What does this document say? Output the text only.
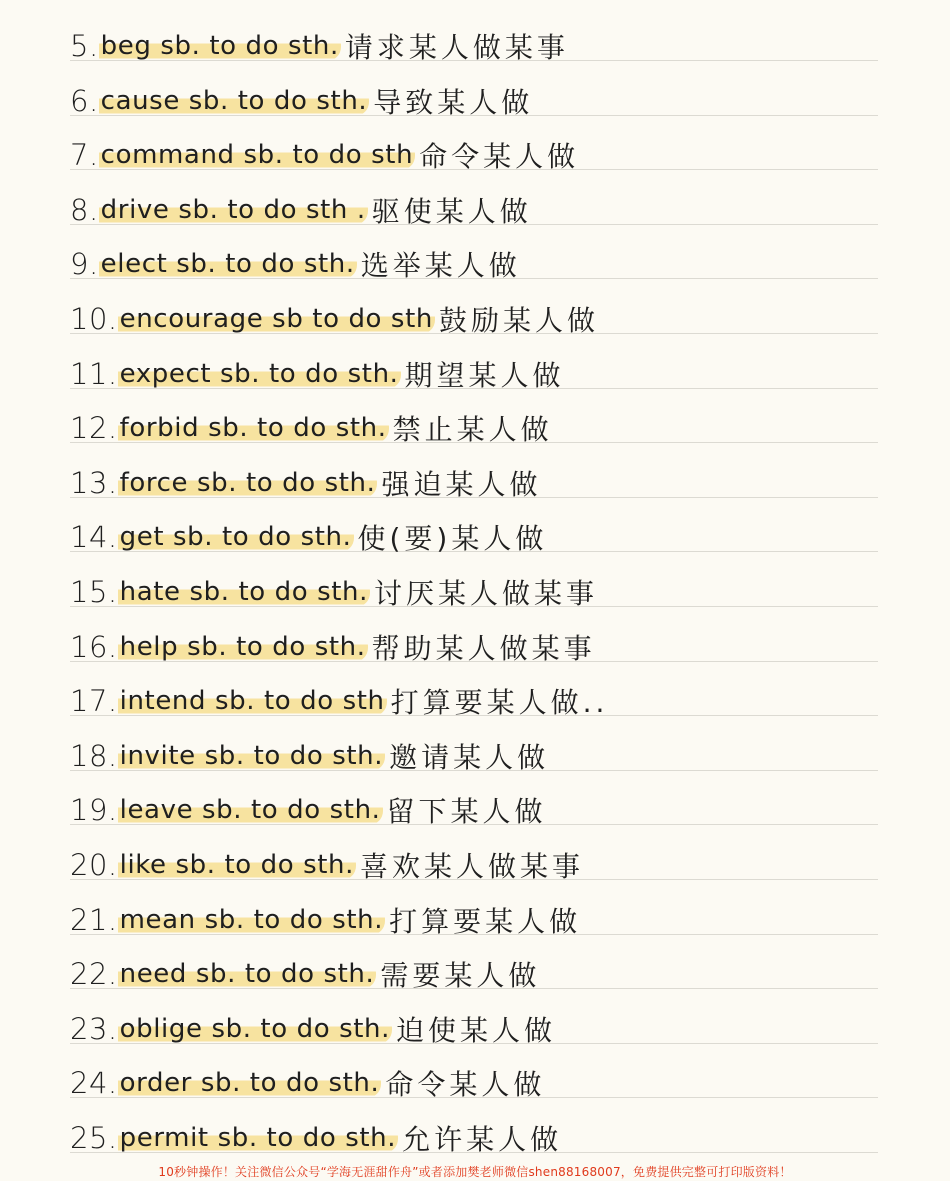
5. beg sb. to do sth. 请求某人做某事
6. cause sb. to do sth. 导致某人做
7. command sb. to do sth 命令某人做
8. drive sb. to do sth . 驱使某人做
9. elect sb. to do sth. 选举某人做
10. encourage sb to do sth 鼓励某人做
11. expect sb. to do sth. 期望某人做
12. forbid sb. to do sth. 禁止某人做
13. force sb. to do sth. 强迫某人做
14. get sb. to do sth. 使(要)某人做
15. hate sb. to do sth. 讨厌某人做某事
16. help sb. to do sth. 帮助某人做某事
17. intend sb. to do sth 打算要某人做..
18. invite sb. to do sth. 邀请某人做
19. leave sb. to do sth. 留下某人做
20. like sb. to do sth. 喜欢某人做某事
21. mean sb. to do sth. 打算要某人做
22. need sb. to do sth. 需要某人做
23. oblige sb. to do sth. 迫使某人做
24. order sb. to do sth. 命令某人做
25. permit sb. to do sth. 允许某人做
10秒钟操作！关注微信公众号“学海无涯甜作舟”或者添加樊老师微信shen88168007，免费提供完整可打印版资料！
